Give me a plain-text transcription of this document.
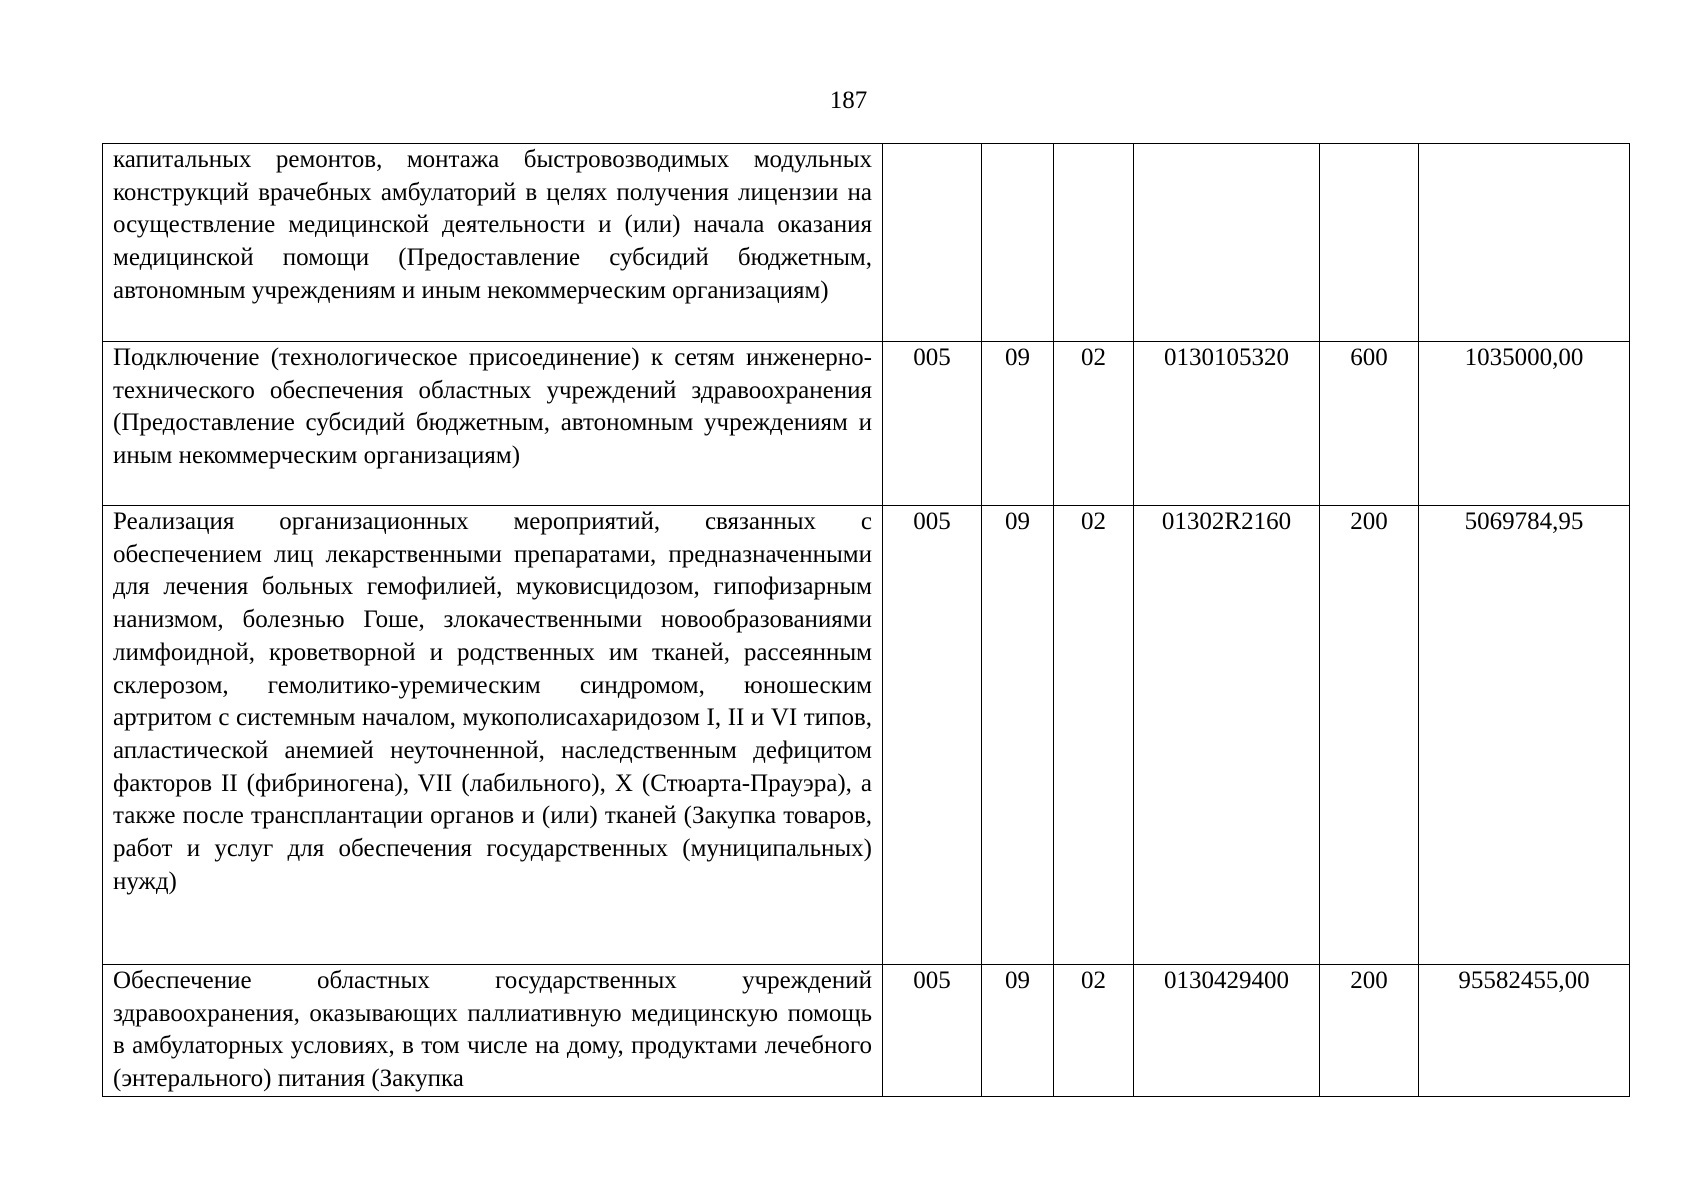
187
капитальных ремонтов, монтажа быстровозводимых модульных конструкций врачебных амбулаторий в целях получения лицензии на осуществление медицинской деятельности и (или) начала оказания медицинской помощи (Предоставление субсидий бюджетным, автономным учреждениям и иным некоммерческим организациям)						
Подключение (технологическое присоединение) к сетям инженерно-технического обеспечения областных учреждений здравоохранения (Предоставление субсидий бюджетным, автономным учреждениям и иным некоммерческим организациям)	005	09	02	0130105320	600	1035000,00
Реализация организационных мероприятий, связанных с обеспечением лиц лекарственными препаратами, предназначенными для лечения больных гемофилией, муковисцидозом, гипофизарным нанизмом, болезнью Гоше, злокачественными новообразованиями лимфоидной, кроветворной и родственных им тканей, рассеянным склерозом, гемолитико-уремическим синдромом, юношеским артритом с системным началом, мукополисахаридозом I, II и VI типов, апластической анемией неуточненной, наследственным дефицитом факторов II (фибриногена), VII (лабильного), X (Стюарта-Прауэра), а также после трансплантации органов и (или) тканей (Закупка товаров, работ и услуг для обеспечения государственных (муниципальных) нужд)	005	09	02	01302R2160	200	5069784,95
Обеспечение областных государственных учреждений здравоохранения, оказывающих паллиативную медицинскую помощь в амбулаторных условиях, в том числе на дому, продуктами лечебного (энтерального) питания (Закупка	005	09	02	0130429400	200	95582455,00
